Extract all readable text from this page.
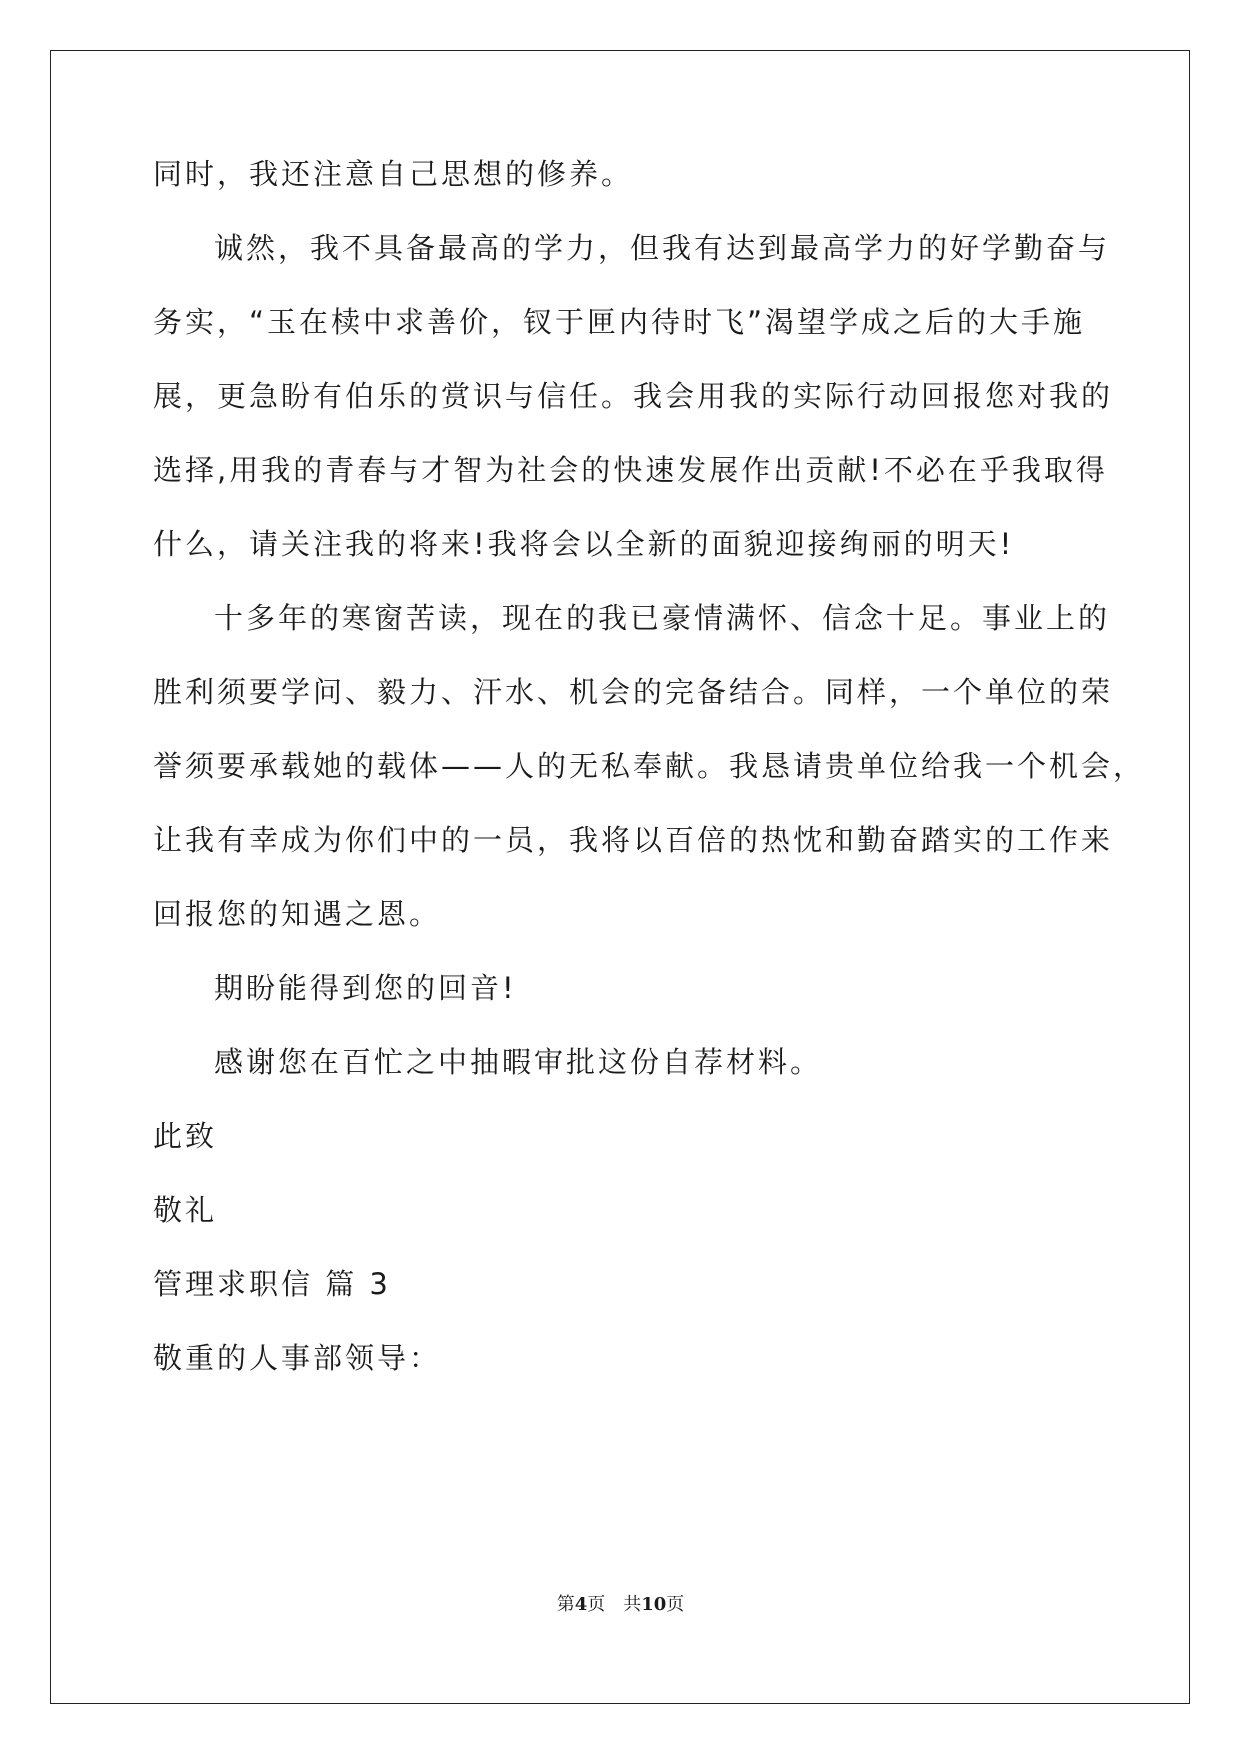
同时，我还注意自己思想的修养。
诚然，我不具备最高的学力，但我有达到最高学力的好学勤奋与
务实，“玉在椟中求善价，钗于匣内待时飞”渴望学成之后的大手施
展，更急盼有伯乐的赏识与信任。我会用我的实际行动回报您对我的
选择,用我的青春与才智为社会的快速发展作出贡献!不必在乎我取得
什么，请关注我的将来!我将会以全新的面貌迎接绚丽的明天!
十多年的寒窗苦读，现在的我已豪情满怀、信念十足。事业上的
胜利须要学问、毅力、汗水、机会的完备结合。同样，一个单位的荣
誉须要承载她的载体——人的无私奉献。我恳请贵单位给我一个机会，
让我有幸成为你们中的一员，我将以百倍的热忱和勤奋踏实的工作来
回报您的知遇之恩。
期盼能得到您的回音!
感谢您在百忙之中抽暇审批这份自荐材料。
此致
敬礼
管理求职信 篇 3
敬重的人事部领导：
第4页 共10页
